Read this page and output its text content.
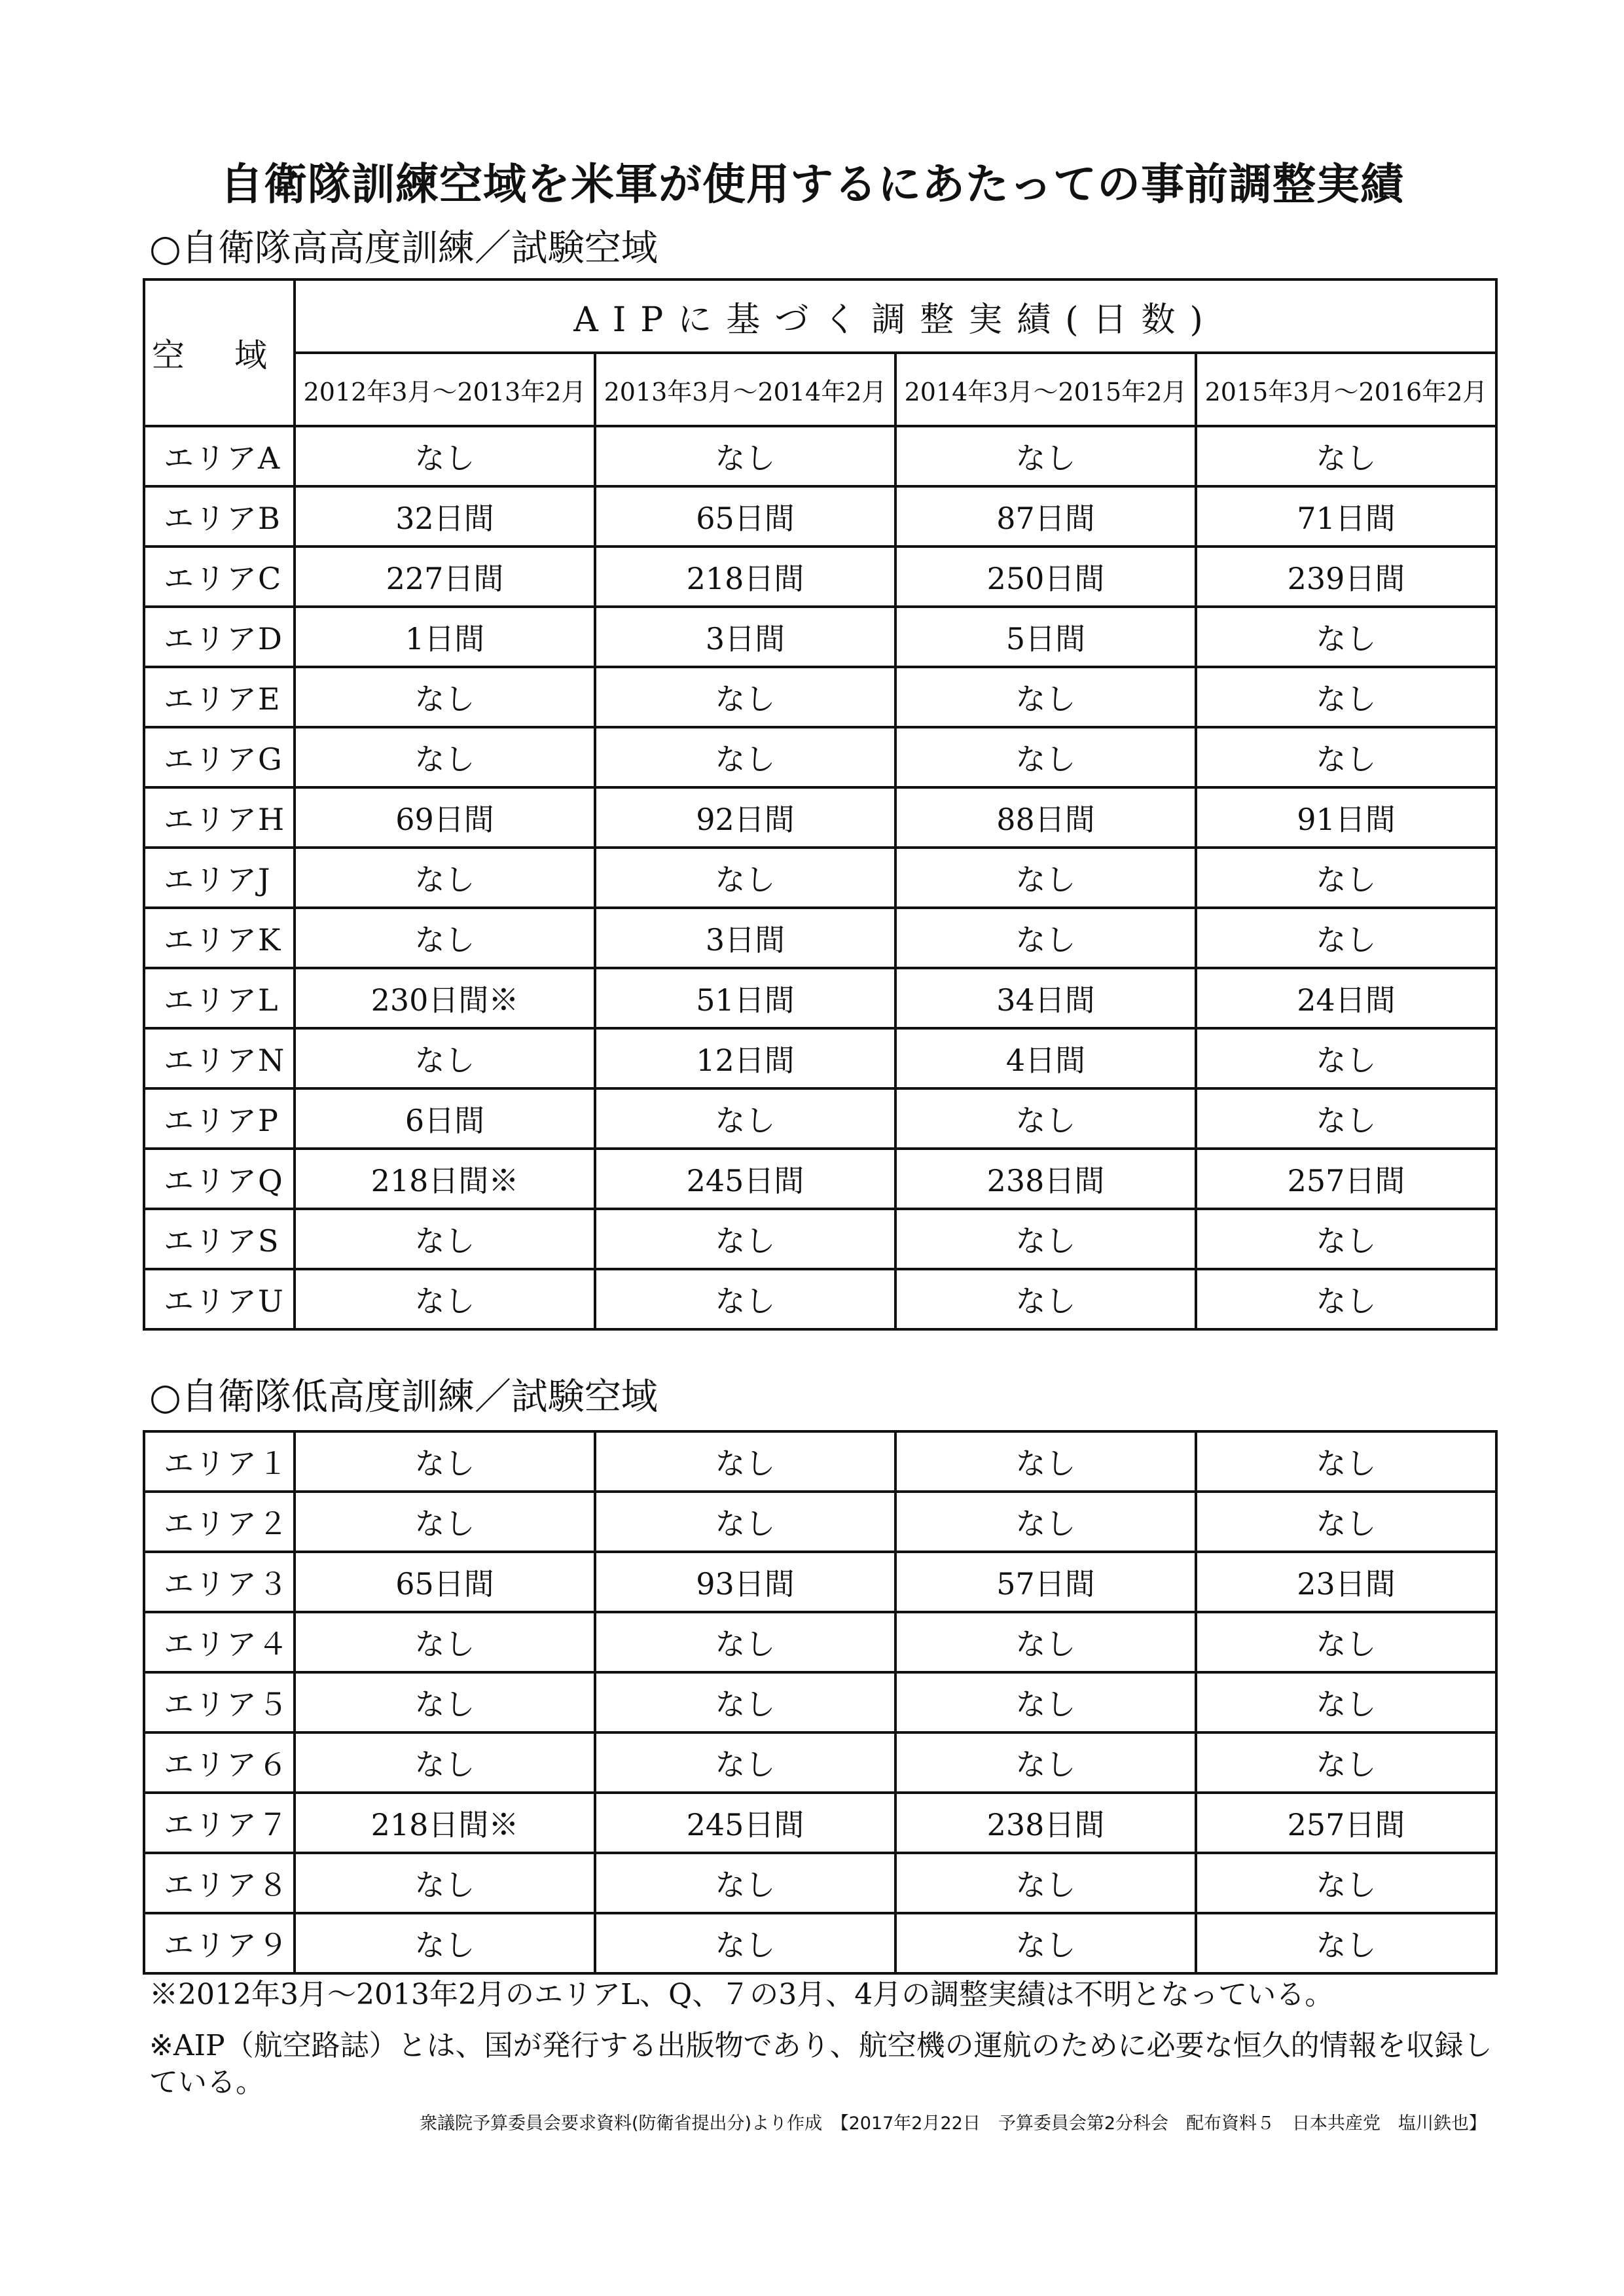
自衛隊訓練空域を米軍が使用するにあたっての事前調整実績

○自衛隊高高度訓練／試験空域

空 域	AIPに基づく調整実績(日数)			
	2012年3月～2013年2月	2013年3月～2014年2月	2014年3月～2015年2月	2015年3月～2016年2月
エリアA	なし	なし	なし	なし
エリアB	32日間	65日間	87日間	71日間
エリアC	227日間	218日間	250日間	239日間
エリアD	1日間	3日間	5日間	なし
エリアE	なし	なし	なし	なし
エリアG	なし	なし	なし	なし
エリアH	69日間	92日間	88日間	91日間
エリアJ	なし	なし	なし	なし
エリアK	なし	3日間	なし	なし
エリアL	230日間※	51日間	34日間	24日間
エリアN	なし	12日間	4日間	なし
エリアP	6日間	なし	なし	なし
エリアQ	218日間※	245日間	238日間	257日間
エリアS	なし	なし	なし	なし
エリアU	なし	なし	なし	なし

○自衛隊低高度訓練／試験空域

エリア１	なし	なし	なし	なし
エリア２	なし	なし	なし	なし
エリア３	65日間	93日間	57日間	23日間
エリア４	なし	なし	なし	なし
エリア５	なし	なし	なし	なし
エリア６	なし	なし	なし	なし
エリア７	218日間※	245日間	238日間	257日間
エリア８	なし	なし	なし	なし
エリア９	なし	なし	なし	なし

※2012年3月～2013年2月のエリアL、Q、７の3月、4月の調整実績は不明となっている。

※AIP（航空路誌）とは、国が発行する出版物であり、航空機の運航のために必要な恒久的情報を収録している。

衆議院予算委員会要求資料(防衛省提出分)より作成　【2017年2月22日　予算委員会第2分科会　配布資料５　日本共産党　塩川鉄也】
